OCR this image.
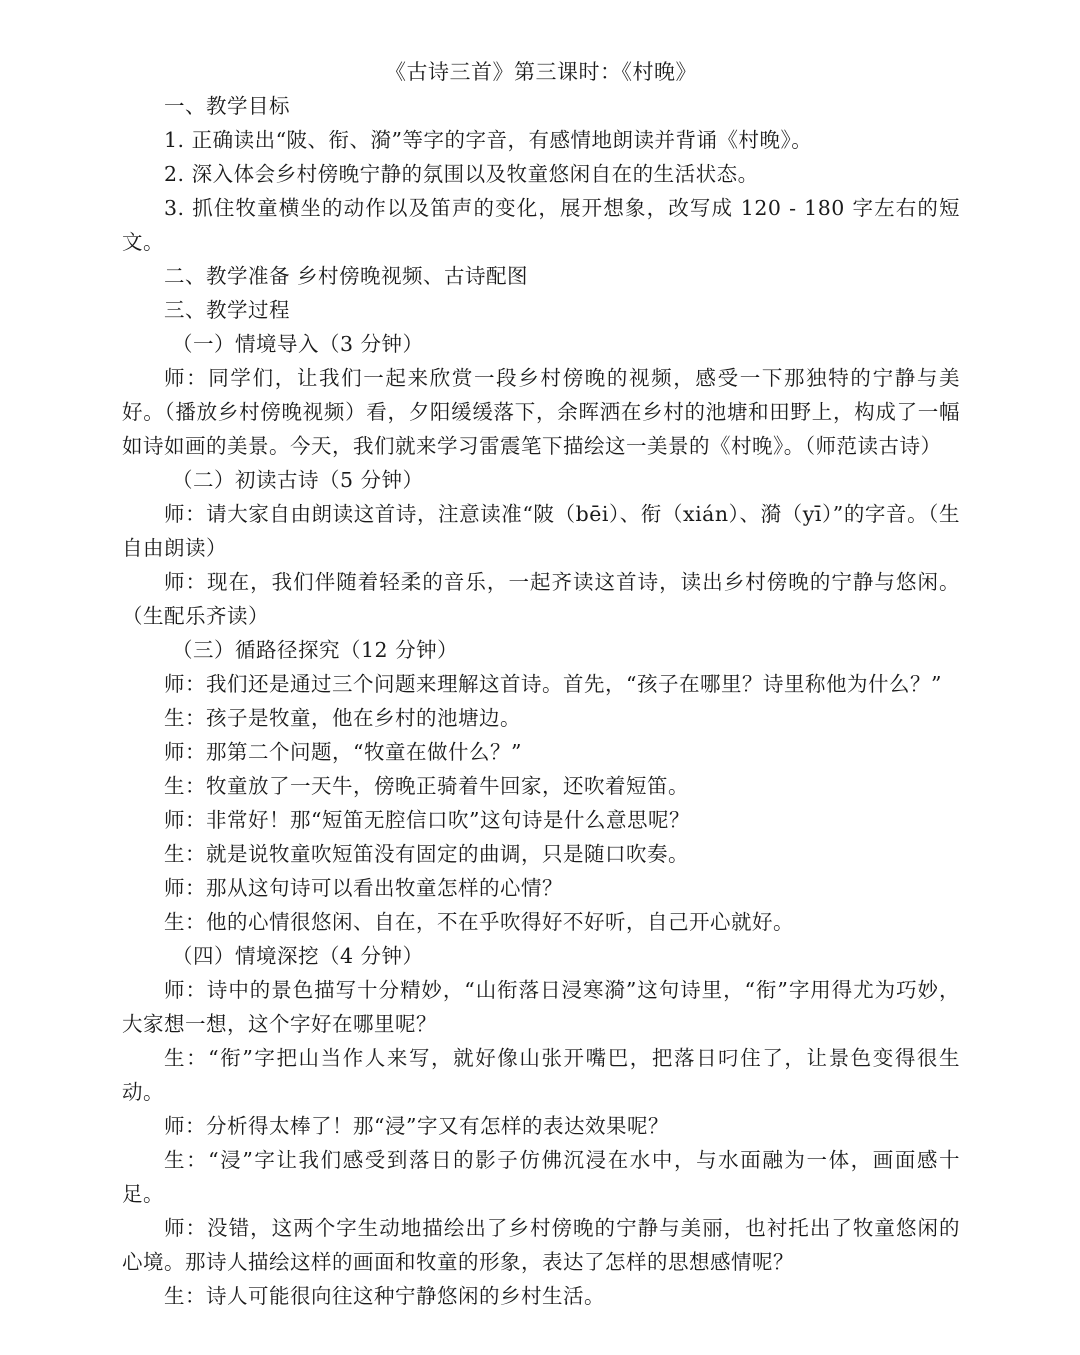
《古诗三首》第三课时：《村晚》

一、教学目标

1. 正确读出“陂、衔、漪”等字的字音，有感情地朗读并背诵《村晚》。

2. 深入体会乡村傍晚宁静的氛围以及牧童悠闲自在的生活状态。

3. 抓住牧童横坐的动作以及笛声的变化，展开想象，改写成 120 - 180 字左右的短文。

二、教学准备 乡村傍晚视频、古诗配图

三、教学过程

（一）情境导入（3 分钟）

师：同学们，让我们一起来欣赏一段乡村傍晚的视频，感受一下那独特的宁静与美好。（播放乡村傍晚视频）看，夕阳缓缓落下，余晖洒在乡村的池塘和田野上，构成了一幅如诗如画的美景。今天，我们就来学习雷震笔下描绘这一美景的《村晚》。（师范读古诗）

（二）初读古诗（5 分钟）

师：请大家自由朗读这首诗，注意读准“陂（bēi）、衔（xián）、漪（yī）”的字音。（生自由朗读）

师：现在，我们伴随着轻柔的音乐，一起齐读这首诗，读出乡村傍晚的宁静与悠闲。（生配乐齐读）

（三）循路径探究（12 分钟）

师：我们还是通过三个问题来理解这首诗。首先，“孩子在哪里？诗里称他为什么？”

生：孩子是牧童，他在乡村的池塘边。

师：那第二个问题，“牧童在做什么？”

生：牧童放了一天牛，傍晚正骑着牛回家，还吹着短笛。

师：非常好！那“短笛无腔信口吹”这句诗是什么意思呢？

生：就是说牧童吹短笛没有固定的曲调，只是随口吹奏。

师：那从这句诗可以看出牧童怎样的心情？

生：他的心情很悠闲、自在，不在乎吹得好不好听，自己开心就好。

（四）情境深挖（4 分钟）

师：诗中的景色描写十分精妙，“山衔落日浸寒漪”这句诗里，“衔”字用得尤为巧妙，大家想一想，这个字好在哪里呢？

生：“衔”字把山当作人来写，就好像山张开嘴巴，把落日叼住了，让景色变得很生动。

师：分析得太棒了！那“浸”字又有怎样的表达效果呢？

生：“浸”字让我们感受到落日的影子仿佛沉浸在水中，与水面融为一体，画面感十足。

师：没错，这两个字生动地描绘出了乡村傍晚的宁静与美丽，也衬托出了牧童悠闲的心境。那诗人描绘这样的画面和牧童的形象，表达了怎样的思想感情呢？

生：诗人可能很向往这种宁静悠闲的乡村生活。
